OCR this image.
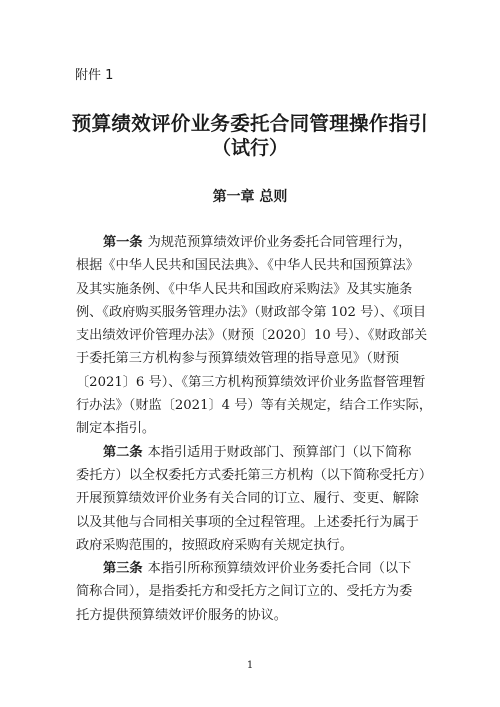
附件 1
预算绩效评价业务委托合同管理操作指引
（试行）
第一章 总则
第一条 为规范预算绩效评价业务委托合同管理行为，
根据《中华人民共和国民法典》、《中华人民共和国预算法》
及其实施条例、《中华人民共和国政府采购法》及其实施条
例、《政府购买服务管理办法》（财政部令第 102 号）、《项目
支出绩效评价管理办法》（财预〔2020〕10 号）、《财政部关
于委托第三方机构参与预算绩效管理的指导意见》（财预
〔2021〕6 号）、《第三方机构预算绩效评价业务监督管理暂
行办法》（财监〔2021〕4 号）等有关规定，结合工作实际，
制定本指引。
第二条 本指引适用于财政部门、预算部门（以下简称
委托方）以全权委托方式委托第三方机构（以下简称受托方）
开展预算绩效评价业务有关合同的订立、履行、变更、解除
以及其他与合同相关事项的全过程管理。上述委托行为属于
政府采购范围的，按照政府采购有关规定执行。
第三条 本指引所称预算绩效评价业务委托合同（以下
简称合同），是指委托方和受托方之间订立的、受托方为委
托方提供预算绩效评价服务的协议。
1
